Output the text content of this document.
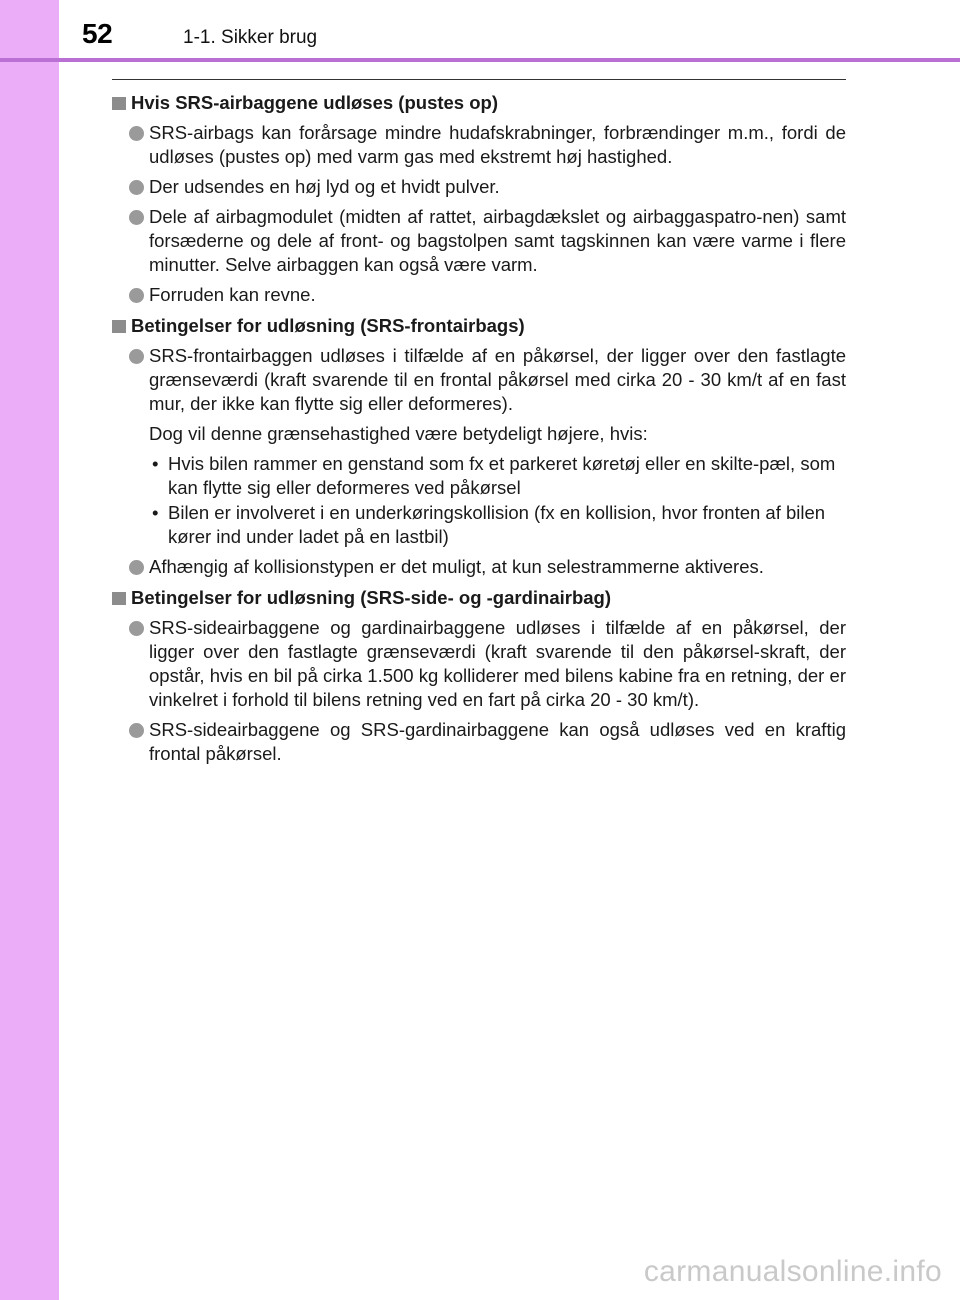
52	1-1. Sikker brug
Hvis SRS-airbaggene udløses (pustes op)
SRS-airbags kan forårsage mindre hudafskrabninger, forbrændinger m.m., fordi de udløses (pustes op) med varm gas med ekstremt høj hastighed.
Der udsendes en høj lyd og et hvidt pulver.
Dele af airbagmodulet (midten af rattet, airbagdækslet og airbaggaspatro-nen) samt forsæderne og dele af front- og bagstolpen samt tagskinnen kan være varme i flere minutter. Selve airbaggen kan også være varm.
Forruden kan revne.
Betingelser for udløsning (SRS-frontairbags)
SRS-frontairbaggen udløses i tilfælde af en påkørsel, der ligger over den fastlagte grænseværdi (kraft svarende til en frontal påkørsel med cirka 20 - 30 km/t af en fast mur, der ikke kan flytte sig eller deformeres).
Dog vil denne grænsehastighed være betydeligt højere, hvis:
• Hvis bilen rammer en genstand som fx et parkeret køretøj eller en skilte-pæl, som kan flytte sig eller deformeres ved påkørsel
• Bilen er involveret i en underkøringskollision (fx en kollision, hvor fronten af bilen kører ind under ladet på en lastbil)
Afhængig af kollisionstypen er det muligt, at kun selestrammerne aktiveres.
Betingelser for udløsning (SRS-side- og -gardinairbag)
SRS-sideairbaggene og gardinairbaggene udløses i tilfælde af en påkørsel, der ligger over den fastlagte grænseværdi (kraft svarende til den påkørsel-skraft, der opstår, hvis en bil på cirka 1.500 kg kolliderer med bilens kabine fra en retning, der er vinkelret i forhold til bilens retning ved en fart på cirka 20 - 30 km/t).
SRS-sideairbaggene og SRS-gardinairbaggene kan også udløses ved en kraftig frontal påkørsel.
carmanualsonline.info
